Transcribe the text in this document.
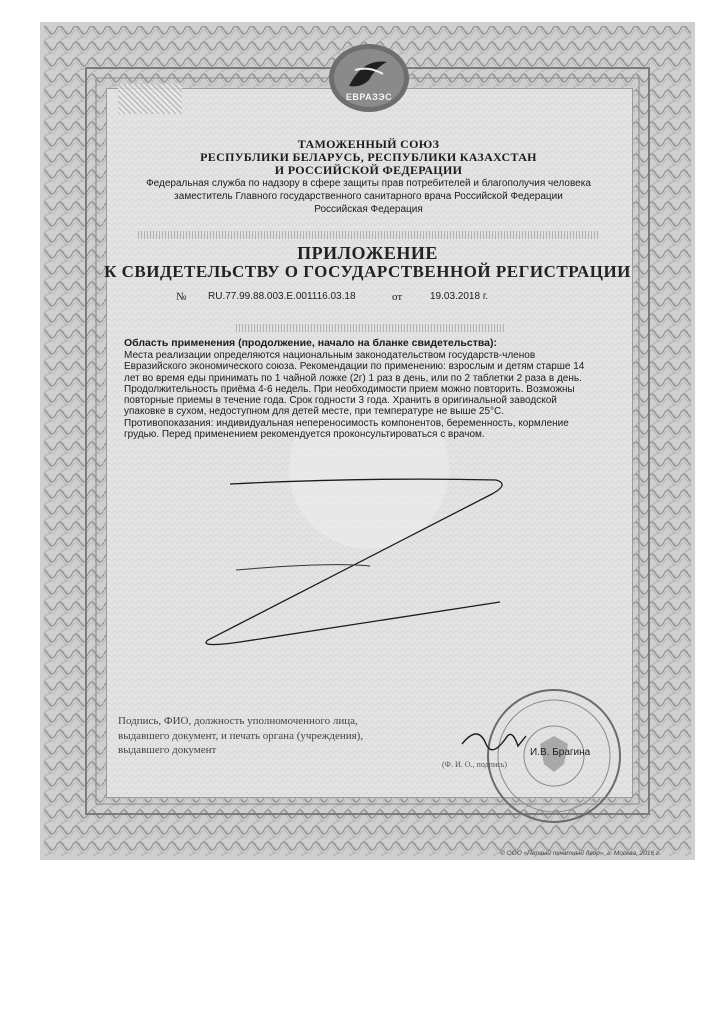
ЕВРАЗЭС
ТАМОЖЕННЫЙ СОЮЗ
РЕСПУБЛИКИ БЕЛАРУСЬ, РЕСПУБЛИКИ КАЗАХСТАН
И РОССИЙСКОЙ ФЕДЕРАЦИИ
Федеральная служба по надзору в сфере защиты прав потребителей и благополучия человека
заместитель Главного государственного санитарного врача Российской Федерации
Российская Федерация
ПРИЛОЖЕНИЕ
К СВИДЕТЕЛЬСТВУ О ГОСУДАРСТВЕННОЙ РЕГИСТРАЦИИ
№ RU.77.99.88.003.Е.001116.03.18	от	19.03.2018 г.
Область применения (продолжение, начало на бланке свидетельства):

Места реализации определяются национальным законодательством государств-членов Евразийского экономического союза. Рекомендации по применению: взрослым и детям старше 14 лет во время еды принимать по 1 чайной ложке (2г) 1 раз в день, или по 2 таблетки 2 раза в день. Продолжительность приёма 4-6 недель. При необходимости прием можно повторить. Возможны повторные приемы в течение года. Срок годности 3 года. Хранить в оригинальной заводской упаковке в сухом, недоступном для детей месте, при температуре не выше 25°С. Противопоказания: индивидуальная непереносимость компонентов, беременность, кормление грудью. Перед применением рекомендуется проконсультироваться с врачом.

Подпись, ФИО, должность уполномоченного лица, выдавшего документ, и печать органа (учреждения), выдавшего документ	И.В. Брагина
(Ф. И. О., подпись)
© ООО «Первый печатный двор», г. Москва, 2016 г.
